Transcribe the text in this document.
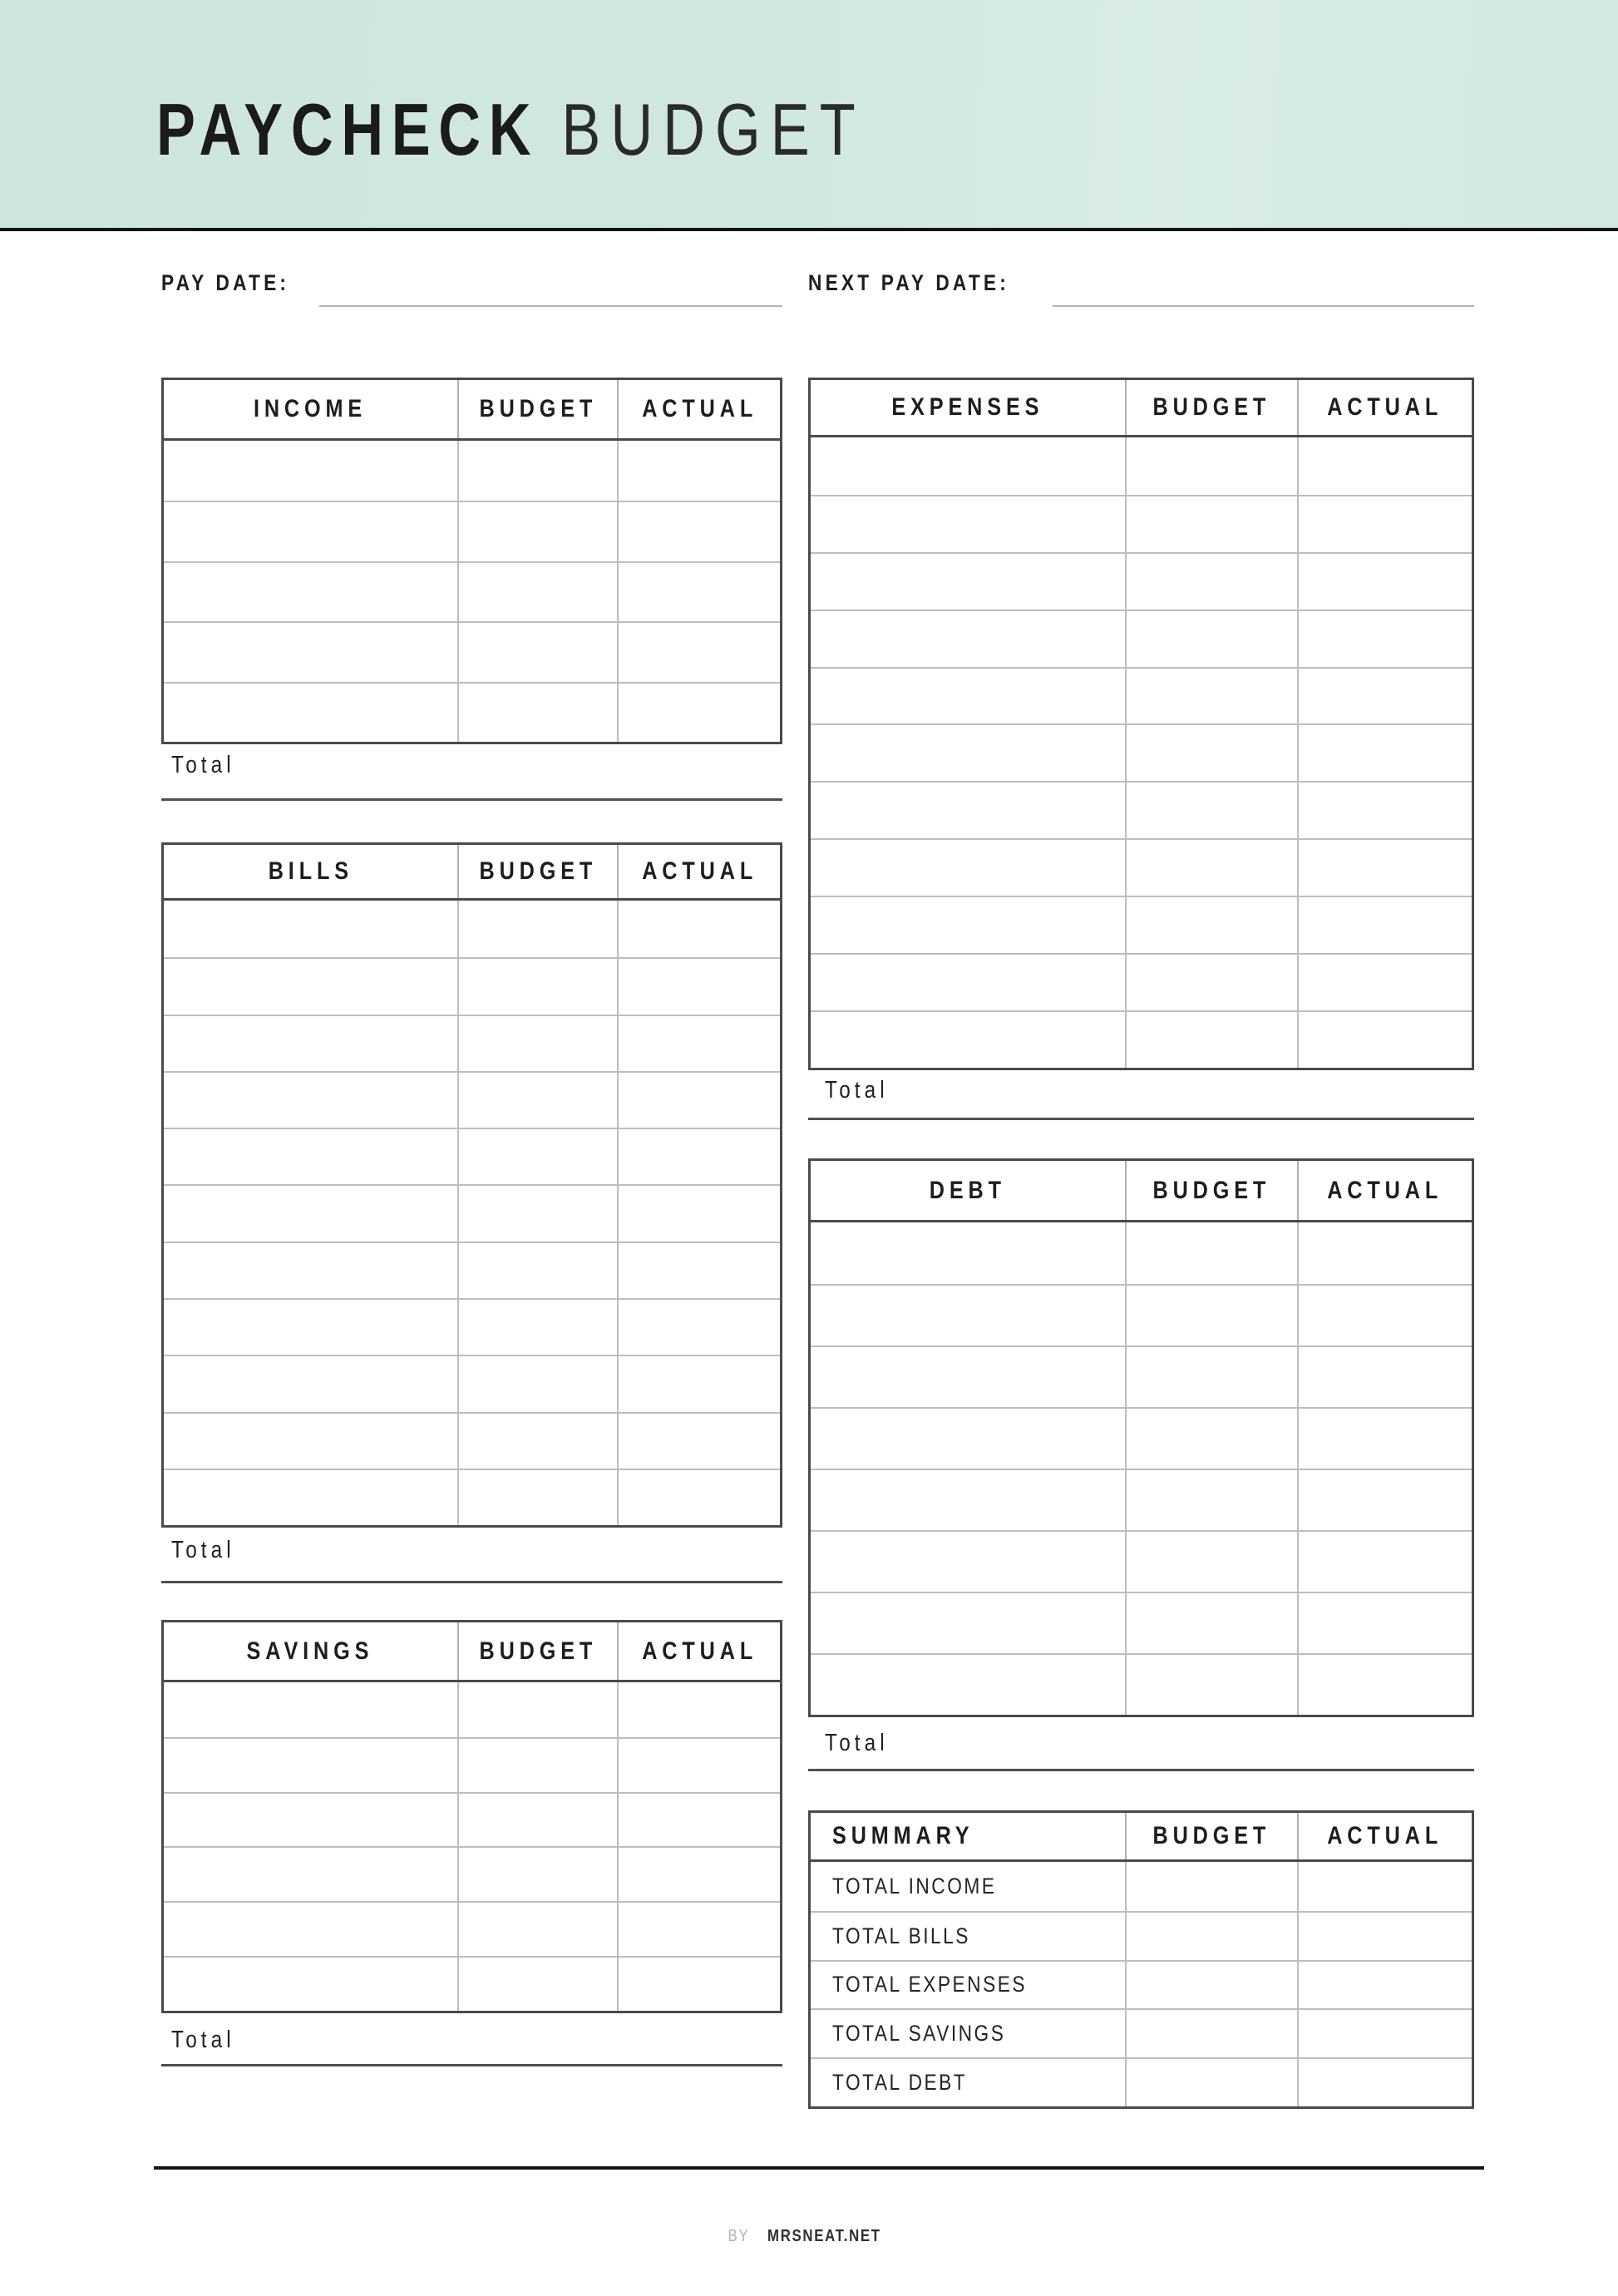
PAYCHECK BUDGET
PAY DATE:	NEXT PAY DATE:
INCOME	BUDGET ACTUAL
Total
BILLS	BUDGET ACTUAL
Total
SAVINGS	BUDGET ACTUAL
Total
EXPENSES	BUDGET ACTUAL
Total
DEBT	BUDGET ACTUAL
Total
SUMMARY	BUDGET ACTUAL
TOTAL INCOME
TOTAL BILLS
TOTAL EXPENSES
TOTAL SAVINGS
TOTAL DEBT
BY MRSNEAT.NET
